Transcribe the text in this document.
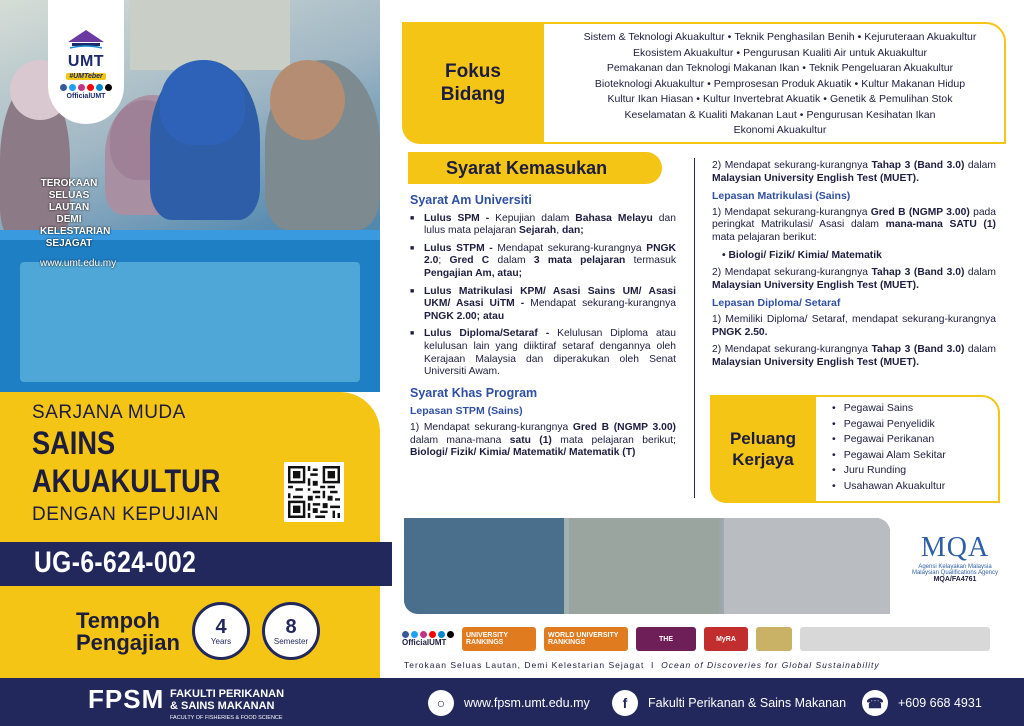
UMT
#UMTeber
OfficialUMT
TEROKAAN
SELUAS
LAUTAN
DEMI
KELESTARIAN
SEJAGAT
www.umt.edu.my
SARJANA MUDA
SAINS
AKUAKULTUR
DENGAN KEPUJIAN
UG-6-624-002
Tempoh
Pengajian
4
Years
8
Semester
Fokus
Bidang
Sistem & Teknologi Akuakultur • Teknik Penghasilan Benih • Kejuruteraan Akuakultur
Ekosistem Akuakultur • Pengurusan Kualiti Air untuk Akuakultur
Pemakanan dan Teknologi Makanan Ikan • Teknik Pengeluaran Akuakultur
Bioteknologi Akuakultur • Pemprosesan Produk Akuatik • Kultur Makanan Hidup
Kultur Ikan Hiasan • Kultur Invertebrat Akuatik • Genetik & Pemulihan Stok
Keselamatan & Kualiti Makanan Laut • Pengurusan Kesihatan Ikan
Ekonomi Akuakultur
Syarat Kemasukan
Syarat Am Universiti
■ Lulus SPM - Kepujian dalam Bahasa Melayu dan lulus mata pelajaran Sejarah, dan;
■ Lulus STPM - Mendapat sekurang-kurangnya PNGK 2.0; Gred C dalam 3 mata pelajaran termasuk Pengajian Am, atau;
■ Lulus Matrikulasi KPM/ Asasi Sains UM/ Asasi UKM/ Asasi UiTM - Mendapat sekurang-kurangnya PNGK 2.00; atau
■ Lulus Diploma/Setaraf - Kelulusan Diploma atau kelulusan lain yang diiktiraf setaraf dengannya oleh Kerajaan Malaysia dan diperakukan oleh Senat Universiti Awam.
Syarat Khas Program
Lepasan STPM (Sains)

1) Mendapat sekurang-kurangnya Gred B (NGMP 3.00) dalam mana-mana satu (1) mata pelajaran berikut; Biologi/ Fizik/ Kimia/ Matematik/ Matematik (T)

2) Mendapat sekurang-kurangnya Tahap 3 (Band 3.0) dalam Malaysian University English Test (MUET).

Lepasan Matrikulasi (Sains)

1) Mendapat sekurang-kurangnya Gred B (NGMP 3.00) pada peringkat Matrikulasi/ Asasi dalam mana-mana SATU (1) mata pelajaran berikut:

• Biologi/ Fizik/ Kimia/ Matematik

2) Mendapat sekurang-kurangnya Tahap 3 (Band 3.0) dalam Malaysian University English Test (MUET).

Lepasan Diploma/ Setaraf

1) Memiliki Diploma/ Setaraf, mendapat sekurang-kurangnya PNGK 2.50.

2) Mendapat sekurang-kurangnya Tahap 3 (Band 3.0) dalam Malaysian University English Test (MUET).

Peluang
Kerjaya
• Pegawai Sains
• Pegawai Penyelidik
• Pegawai Perikanan
• Pegawai Alam Sekitar
• Juru Runding
• Usahawan Akuakultur
MQA
Agensi Kelayakan Malaysia
Malaysian Qualifications Agency
MQA/FA4761
OfficialUMT
UNIVERSITY RANKINGS
WORLD UNIVERSITY RANKINGS	THE	MyRA
Terokaan Seluas Lautan, Demi Kelestarian Sejagat I Ocean of Discoveries for Global Sustainability
FPSM FAKULTI PERIKANAN
& SAINS MAKANAN
FACULTY OF FISHERIES & FOOD SCIENCE
○	www.fpsm.umt.edu.my	f	Fakulti Perikanan & Sains Makanan	☎	+609 668 4931
